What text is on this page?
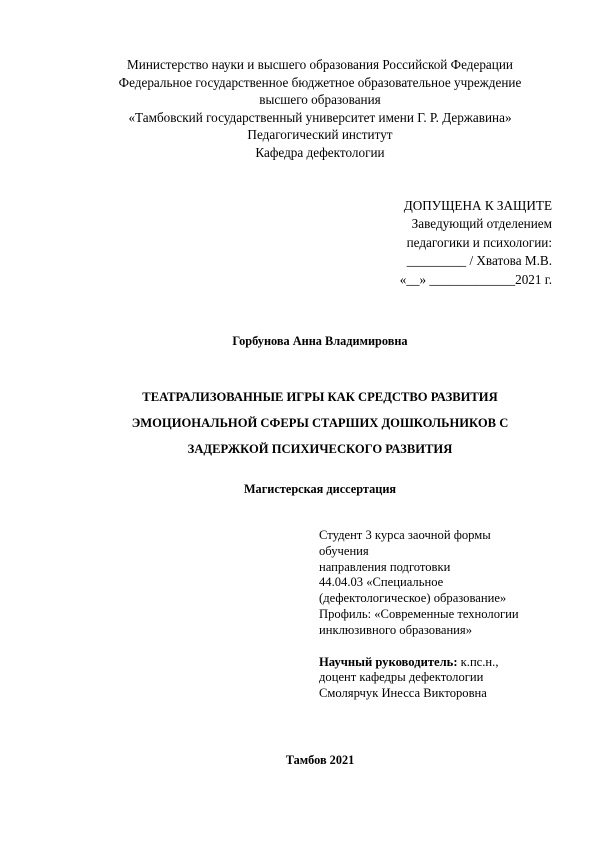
Министерство науки и высшего образования Российской Федерации
Федеральное государственное бюджетное образовательное учреждение
высшего образования
«Тамбовский государственный университет имени Г. Р. Державина»
Педагогический институт
Кафедра дефектологии
ДОПУЩЕНА К ЗАЩИТЕ
Заведующий отделением
педагогики и психологии:
_________ / Хватова М.В.
«__» _____________2021 г.
Горбунова Анна Владимировна
ТЕАТРАЛИЗОВАННЫЕ ИГРЫ КАК СРЕДСТВО РАЗВИТИЯ
ЭМОЦИОНАЛЬНОЙ СФЕРЫ СТАРШИХ ДОШКОЛЬНИКОВ С
ЗАДЕРЖКОЙ ПСИХИЧЕСКОГО РАЗВИТИЯ
Магистерская диссертация
Студент 3 курса заочной формы
обучения
направления подготовки
44.04.03 «Специальное
(дефектологическое) образование»
Профиль: «Современные технологии
инклюзивного образования»
Научный руководитель: к.пс.н.,
доцент кафедры дефектологии
Смолярчук Инесса Викторовна
Тамбов 2021
